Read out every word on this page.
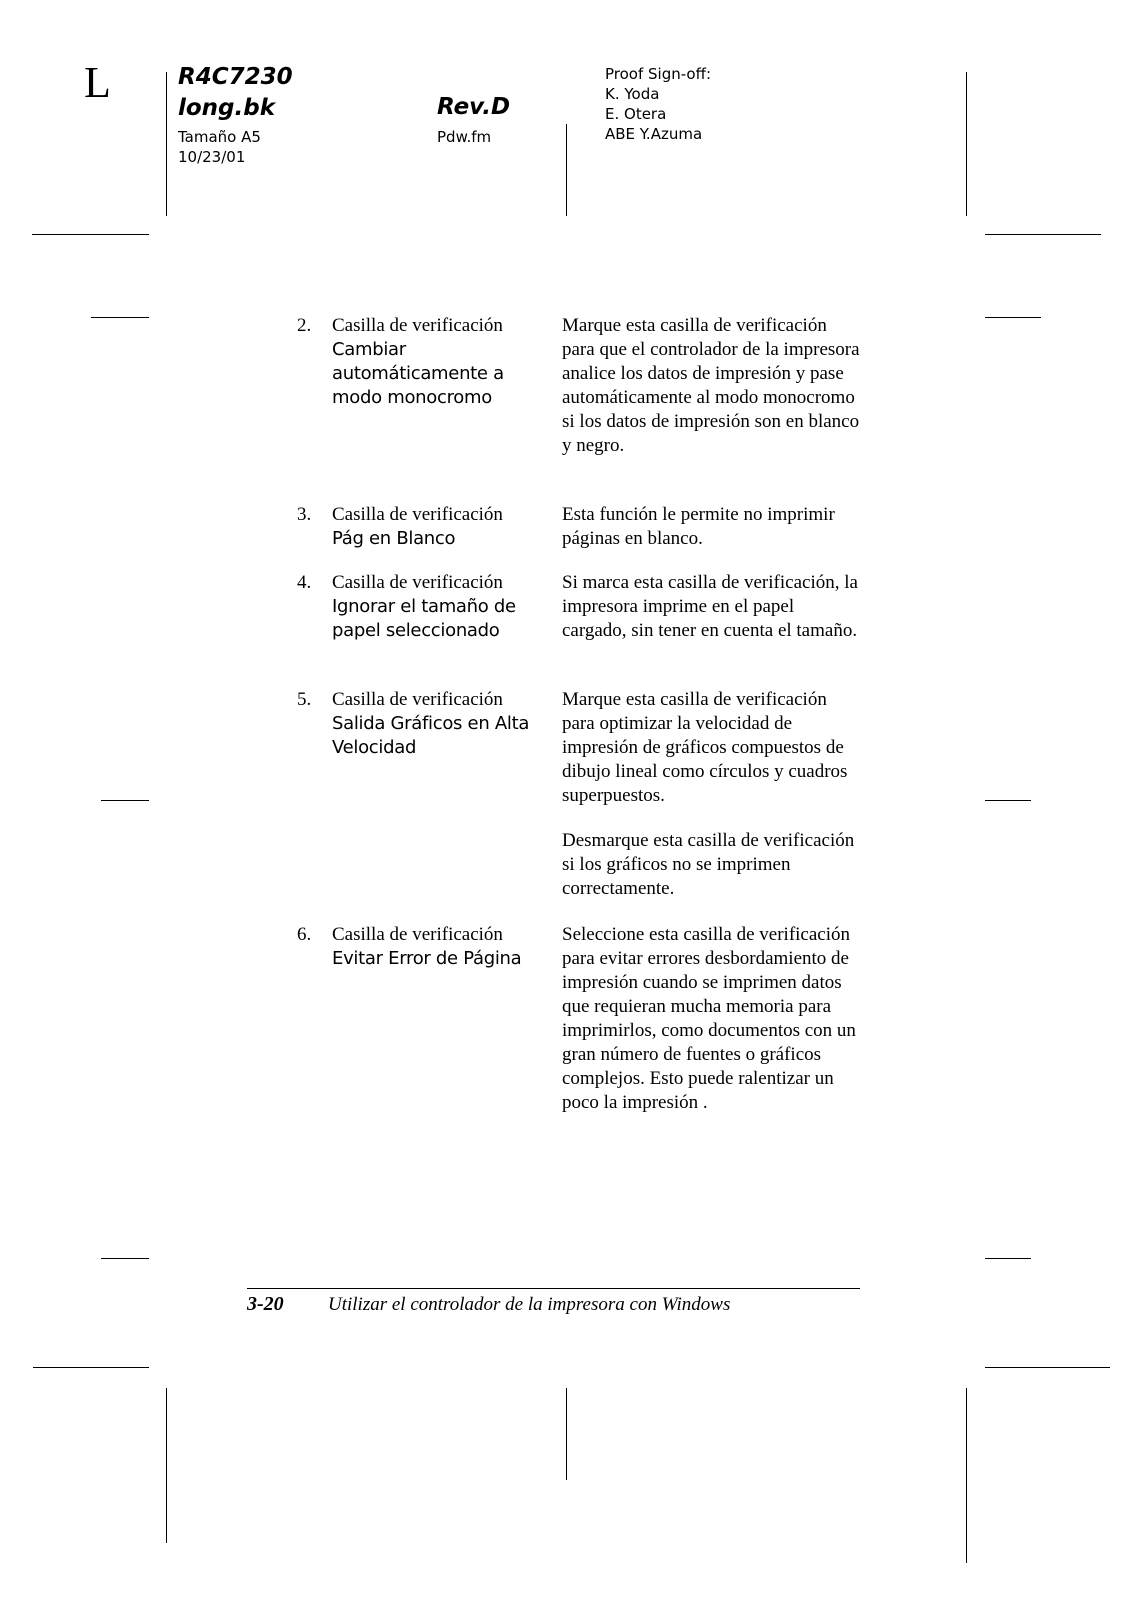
L	R4C7230
long.bk
Tamaño A5
10/23/01
Rev.D
Pdw.fm
Proof Sign-off:
K. Yoda
E. Otera
ABE Y.Azuma
2. Casilla de verificación
Cambiar
automáticamente a
modo monocromo
Marque esta casilla de verificación para que el controlador de la impresora analice los datos de impresión y pase automáticamente al modo monocromo si los datos de impresión son en blanco y negro.
3. Casilla de verificación
Pág en Blanco
Esta función le permite no imprimir páginas en blanco.
4. Casilla de verificación
Ignorar el tamaño de
papel seleccionado
Si marca esta casilla de verificación, la impresora imprime en el papel cargado, sin tener en cuenta el tamaño.
5. Casilla de verificación
Salida Gráficos en Alta
Velocidad
Marque esta casilla de verificación para optimizar la velocidad de impresión de gráficos compuestos de dibujo lineal como círculos y cuadros superpuestos.
Desmarque esta casilla de verificación si los gráficos no se imprimen correctamente.
6. Casilla de verificación
Evitar Error de Página
Seleccione esta casilla de verificación para evitar errores desbordamiento de impresión cuando se imprimen datos que requieran mucha memoria para imprimirlos, como documentos con un gran número de fuentes o gráficos complejos. Esto puede ralentizar un poco la impresión .
3-20 Utilizar el controlador de la impresora con Windows
